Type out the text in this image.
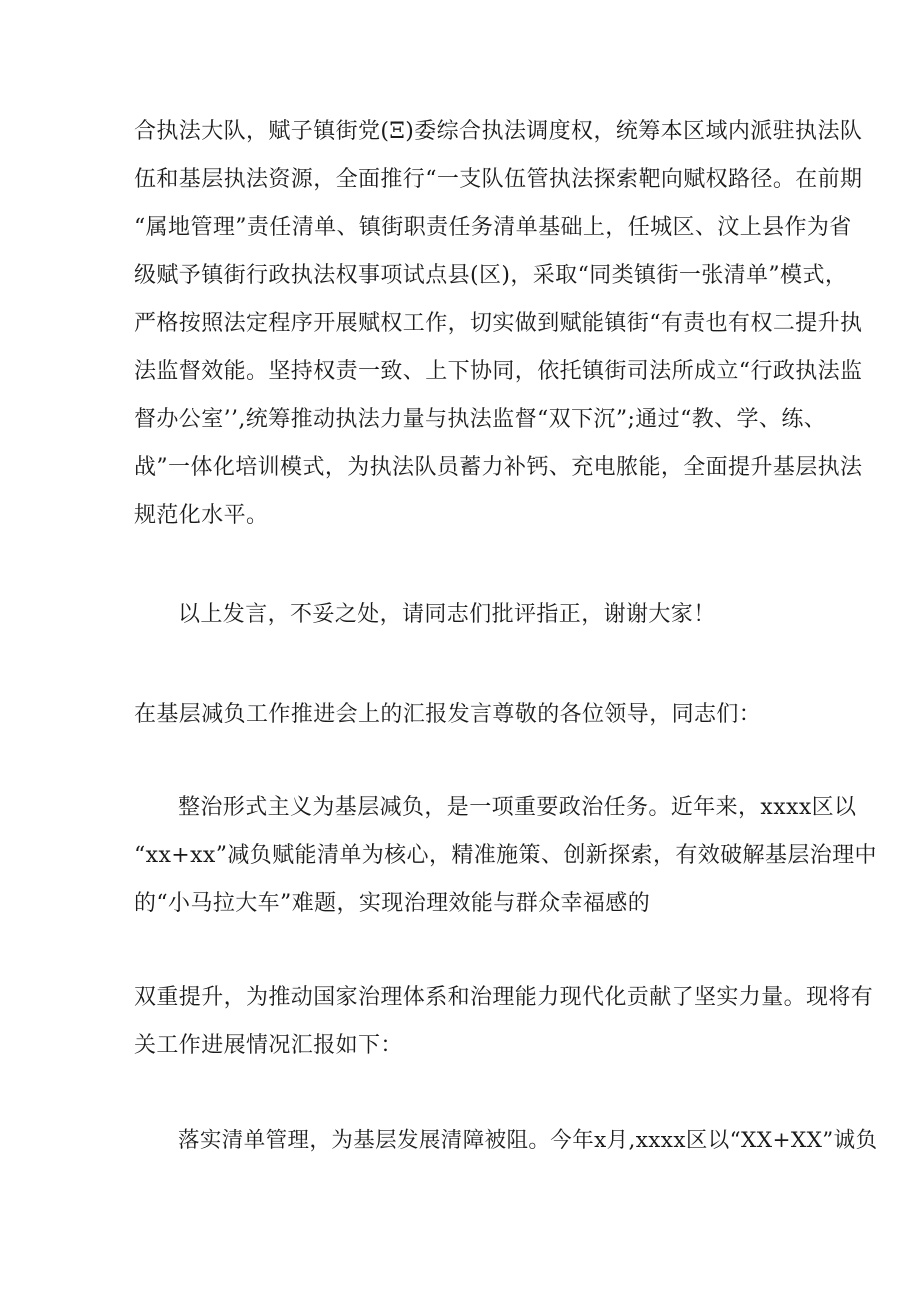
合执法大队，赋子镇街党(Ξ)委综合执法调度权，统筹本区域内派驻执法队
伍和基层执法资源，全面推行“一支队伍管执法探索靶向赋权路径。在前期
“属地管理”责任清单、镇街职责任务清单基础上，任城区、汶上县作为省
级赋予镇街行政执法权事项试点县(区)，采取“同类镇街一张清单”模式，
严格按照法定程序开展赋权工作，切实做到赋能镇街“有责也有权二提升执
法监督效能。坚持权责一致、上下协同，依托镇街司法所成立“行政执法监
督办公室’’,统筹推动执法力量与执法监督“双下沉”;通过“教、学、练、
战”一体化培训模式，为执法队员蓄力补钙、充电脓能，全面提升基层执法
规范化水平。
以上发言，不妥之处，请同志们批评指正，谢谢大家！
在基层减负工作推进会上的汇报发言尊敬的各位领导，同志们：
整治形式主义为基层减负，是一项重要政治任务。近年来，xxxx区以
“xx+xx”减负赋能清单为核心，精准施策、创新探索，有效破解基层治理中
的“小马拉大车”难题，实现治理效能与群众幸福感的
双重提升，为推动国家治理体系和治理能力现代化贡献了坚实力量。现将有
关工作进展情况汇报如下：
落实清单管理，为基层发展清障被阻。今年x月,xxxx区以“XX+XX”诚负
